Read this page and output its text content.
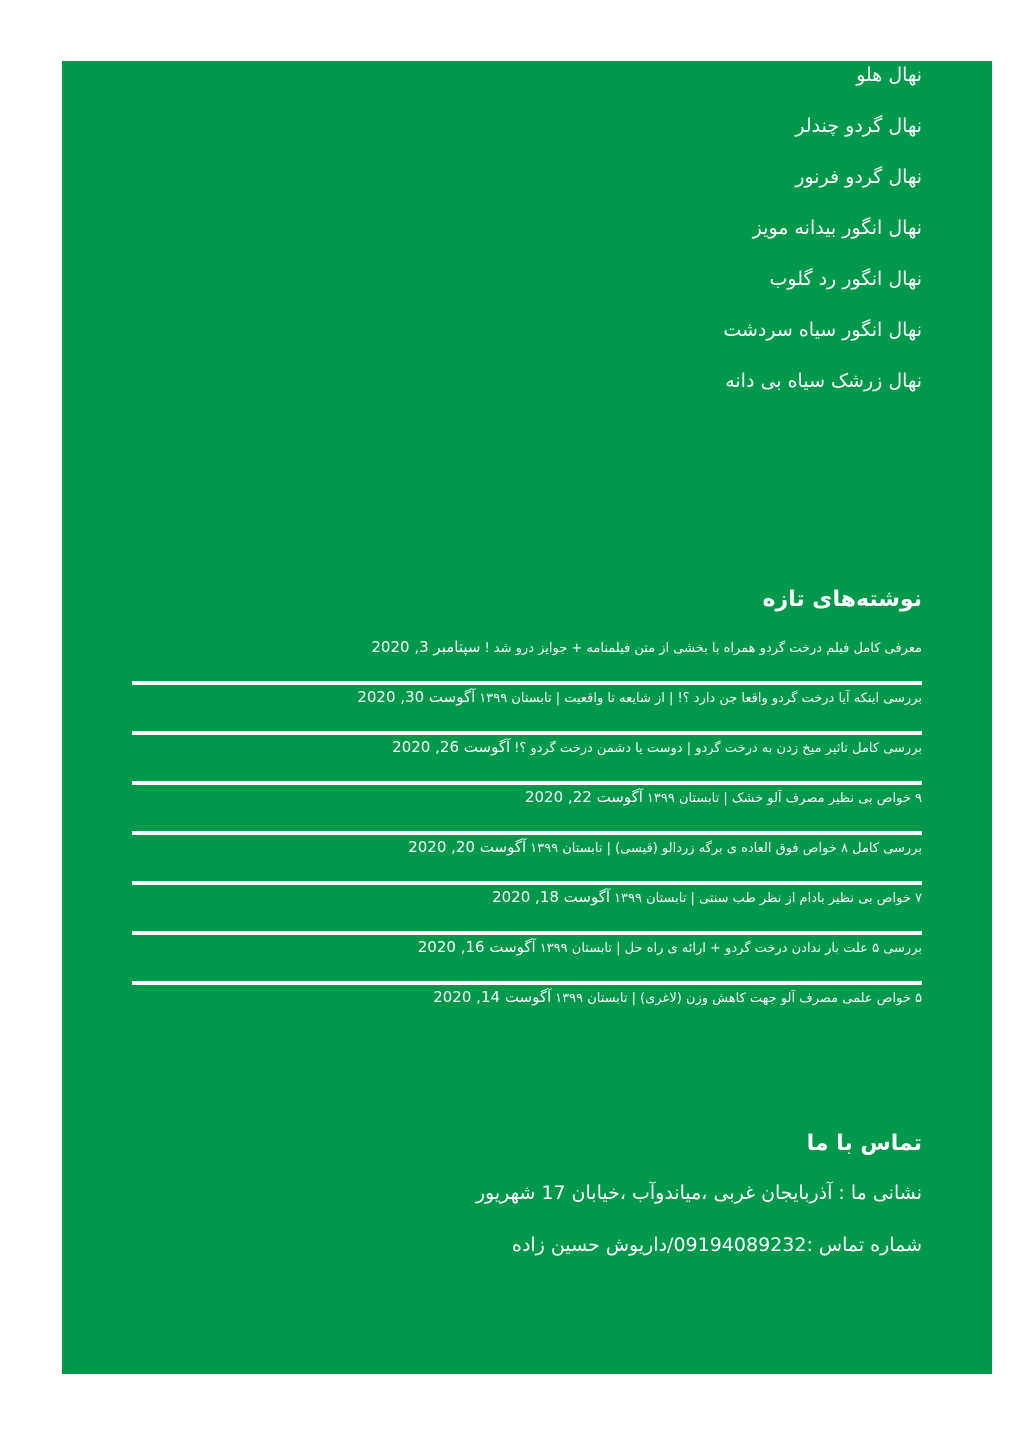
نهال هلو
نهال گردو چندلر
نهال گردو فرنور
نهال انگور بیدانه مویز
نهال انگور رد گلوب
نهال انگور سیاه سردشت
نهال زرشک سیاه بی دانه
نوشته‌های تازه
معرفی کامل فیلم درخت گردو همراه با بخشی از متن فیلمنامه + جوایز درو شد !سپتامبر 3, 2020
بررسی اینکه آیا درخت گردو واقعا جن دارد ؟! | از شایعه تا واقعیت | تابستان ۱۳۹۹آگوست 30, 2020
بررسی کامل تاثیر میخ زدن به درخت گردو | دوست یا دشمن درخت گردو ؟!آگوست 26, 2020
۹ خواص بی نظیر مصرف آلو خشک | تابستان ۱۳۹۹آگوست 22, 2020
بررسی کامل ۸ خواص فوق العاده ی برگه زردالو (قیسی) | تابستان ۱۳۹۹آگوست 20, 2020
۷ خواص بی نظیر بادام از نظر طب سنتی | تابستان ۱۳۹۹آگوست 18, 2020
بررسی ۵ علت بار ندادن درخت گردو + ارائه ی راه حل | تابستان ۱۳۹۹آگوست 16, 2020
۵ خواص علمی مصرف آلو جهت کاهش وزن (لاغری) | تابستان ۱۳۹۹آگوست 14, 2020
تماس با ما
نشانی ما : آذربایجان غربی ،میاندوآب ،خیابان 17 شهریور
شماره تماس :09194089232/داریوش حسین زاده
